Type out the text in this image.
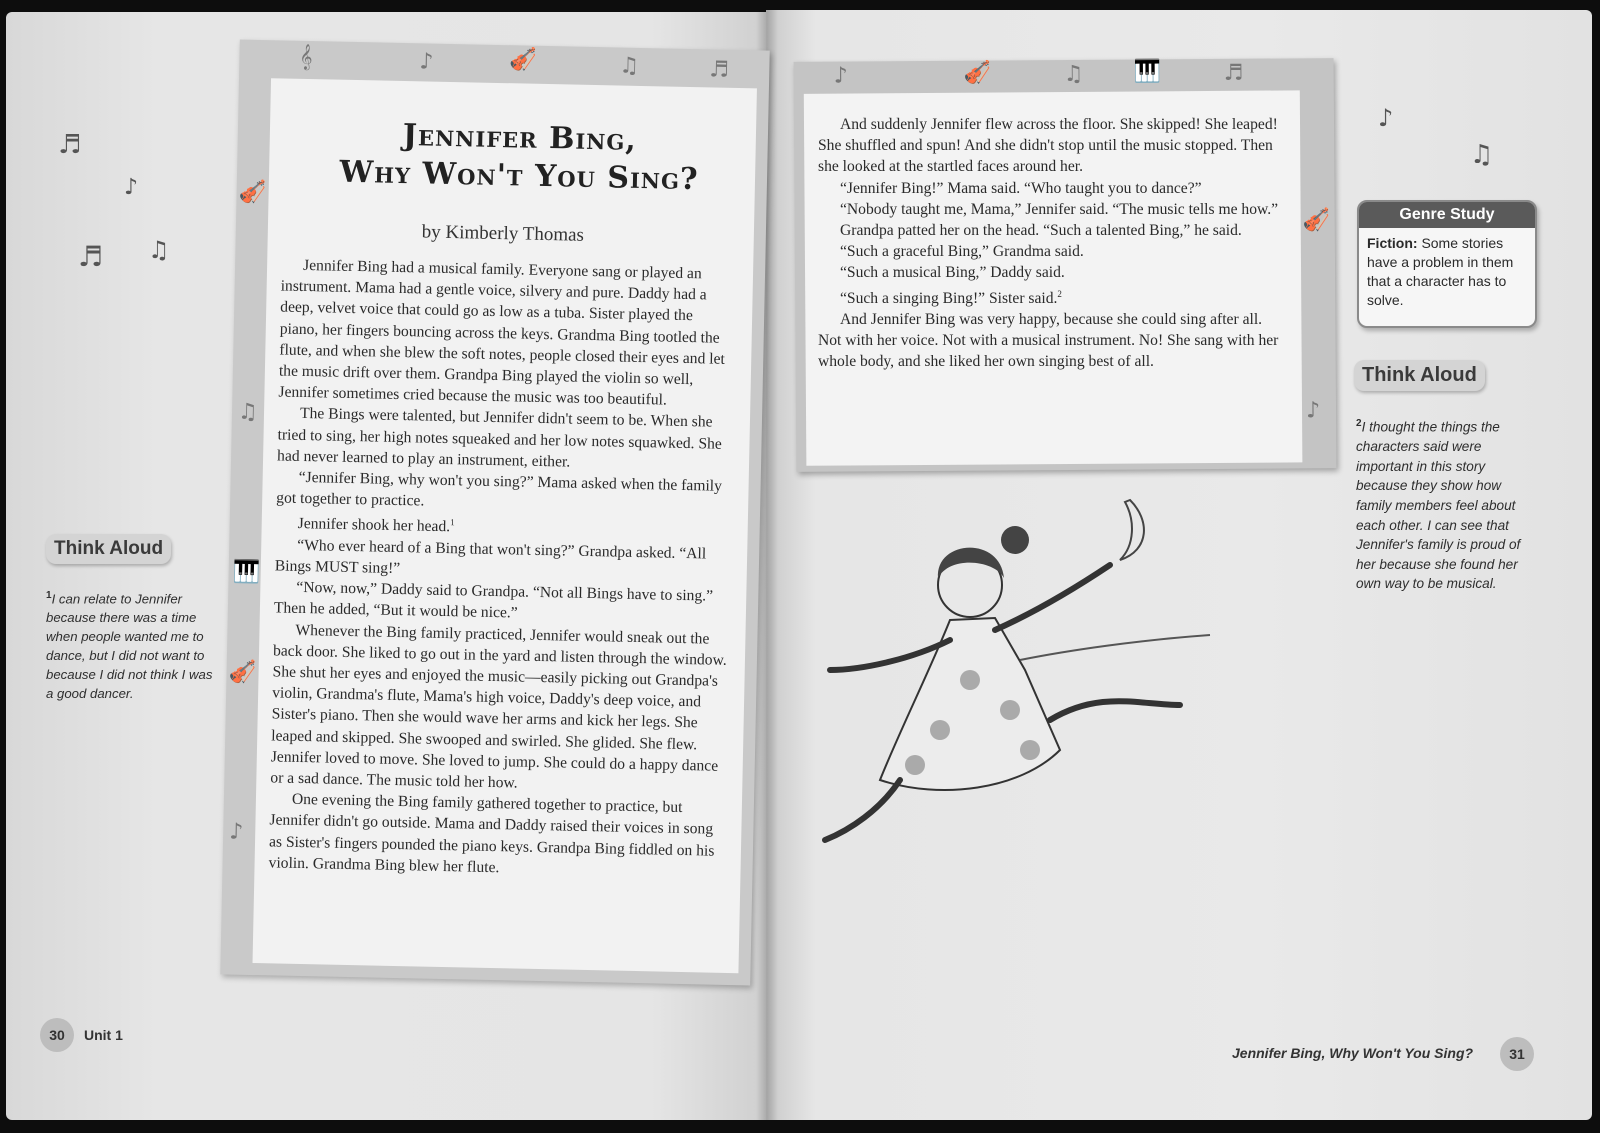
♬
♪
♬ ♫
𝄞	♪	🎻	♫	♬
🎻
♫
🎹
🎻
♪
Jennifer Bing,
Why Won't You Sing?
by Kimberly Thomas

Jennifer Bing had a musical family. Everyone sang or played an instrument. Mama had a gentle voice, silvery and pure. Daddy had a deep, velvet voice that could go as low as a tuba. Sister played the piano, her fingers bouncing across the keys. Grandma Bing tootled the flute, and when she blew the soft notes, people closed their eyes and let the music drift over them. Grandpa Bing played the violin so well, Jennifer sometimes cried because the music was too beautiful.

The Bings were talented, but Jennifer didn't seem to be. When she tried to sing, her high notes squeaked and her low notes squawked. She had never learned to play an instrument, either.

“Jennifer Bing, why won't you sing?” Mama asked when the family got together to practice.

Jennifer shook her head.$^1$

“Who ever heard of a Bing that won't sing?” Grandpa asked. “All Bings MUST sing!”

“Now, now,” Daddy said to Grandpa. “Not all Bings have to sing.” Then he added, “But it would be nice.”

Whenever the Bing family practiced, Jennifer would sneak out the back door. She liked to go out in the yard and listen through the window. She shut her eyes and enjoyed the music—easily picking out Grandpa's violin, Grandma's flute, Mama's high voice, Daddy's deep voice, and Sister's piano. Then she would wave her arms and kick her legs. She leaped and skipped. She swooped and swirled. She glided. She flew. Jennifer loved to move. She loved to jump. She could do a happy dance or a sad dance. The music told her how.

One evening the Bing family gathered together to practice, but Jennifer didn't go outside. Mama and Daddy raised their voices in song as Sister's fingers pounded the piano keys. Grandpa Bing fiddled on his violin. Grandma Bing blew her flute.

Think Aloud
$^1$I can relate to Jennifer because there was a time when people wanted me to dance, but I did not want to because I did not think I was a good dancer.
30	Unit 1
♪	🎻	♫ 🎹	♬
🎻
♪

And suddenly Jennifer flew across the floor. She skipped! She leaped! She shuffled and spun! And she didn't stop until the music stopped. Then she looked at the startled faces around her.

“Jennifer Bing!” Mama said. “Who taught you to dance?”

“Nobody taught me, Mama,” Jennifer said. “The music tells me how.”

Grandpa patted her on the head. “Such a talented Bing,” he said.

“Such a graceful Bing,” Grandma said.

“Such a musical Bing,” Daddy said.

“Such a singing Bing!” Sister said.$^2$

And Jennifer Bing was very happy, because she could sing after all. Not with her voice. Not with a musical instrument. No! She sang with her whole body, and she liked her own singing best of all.

♪
♫
Genre Study
Fiction: Some stories have a problem in them that a character has to solve.
Think Aloud
$^2$I thought the things the characters said were important in this story because they show how family members feel about each other. I can see that Jennifer's family is proud of her because she found her own way to be musical.
Jennifer Bing, Why Won't You Sing?	31
